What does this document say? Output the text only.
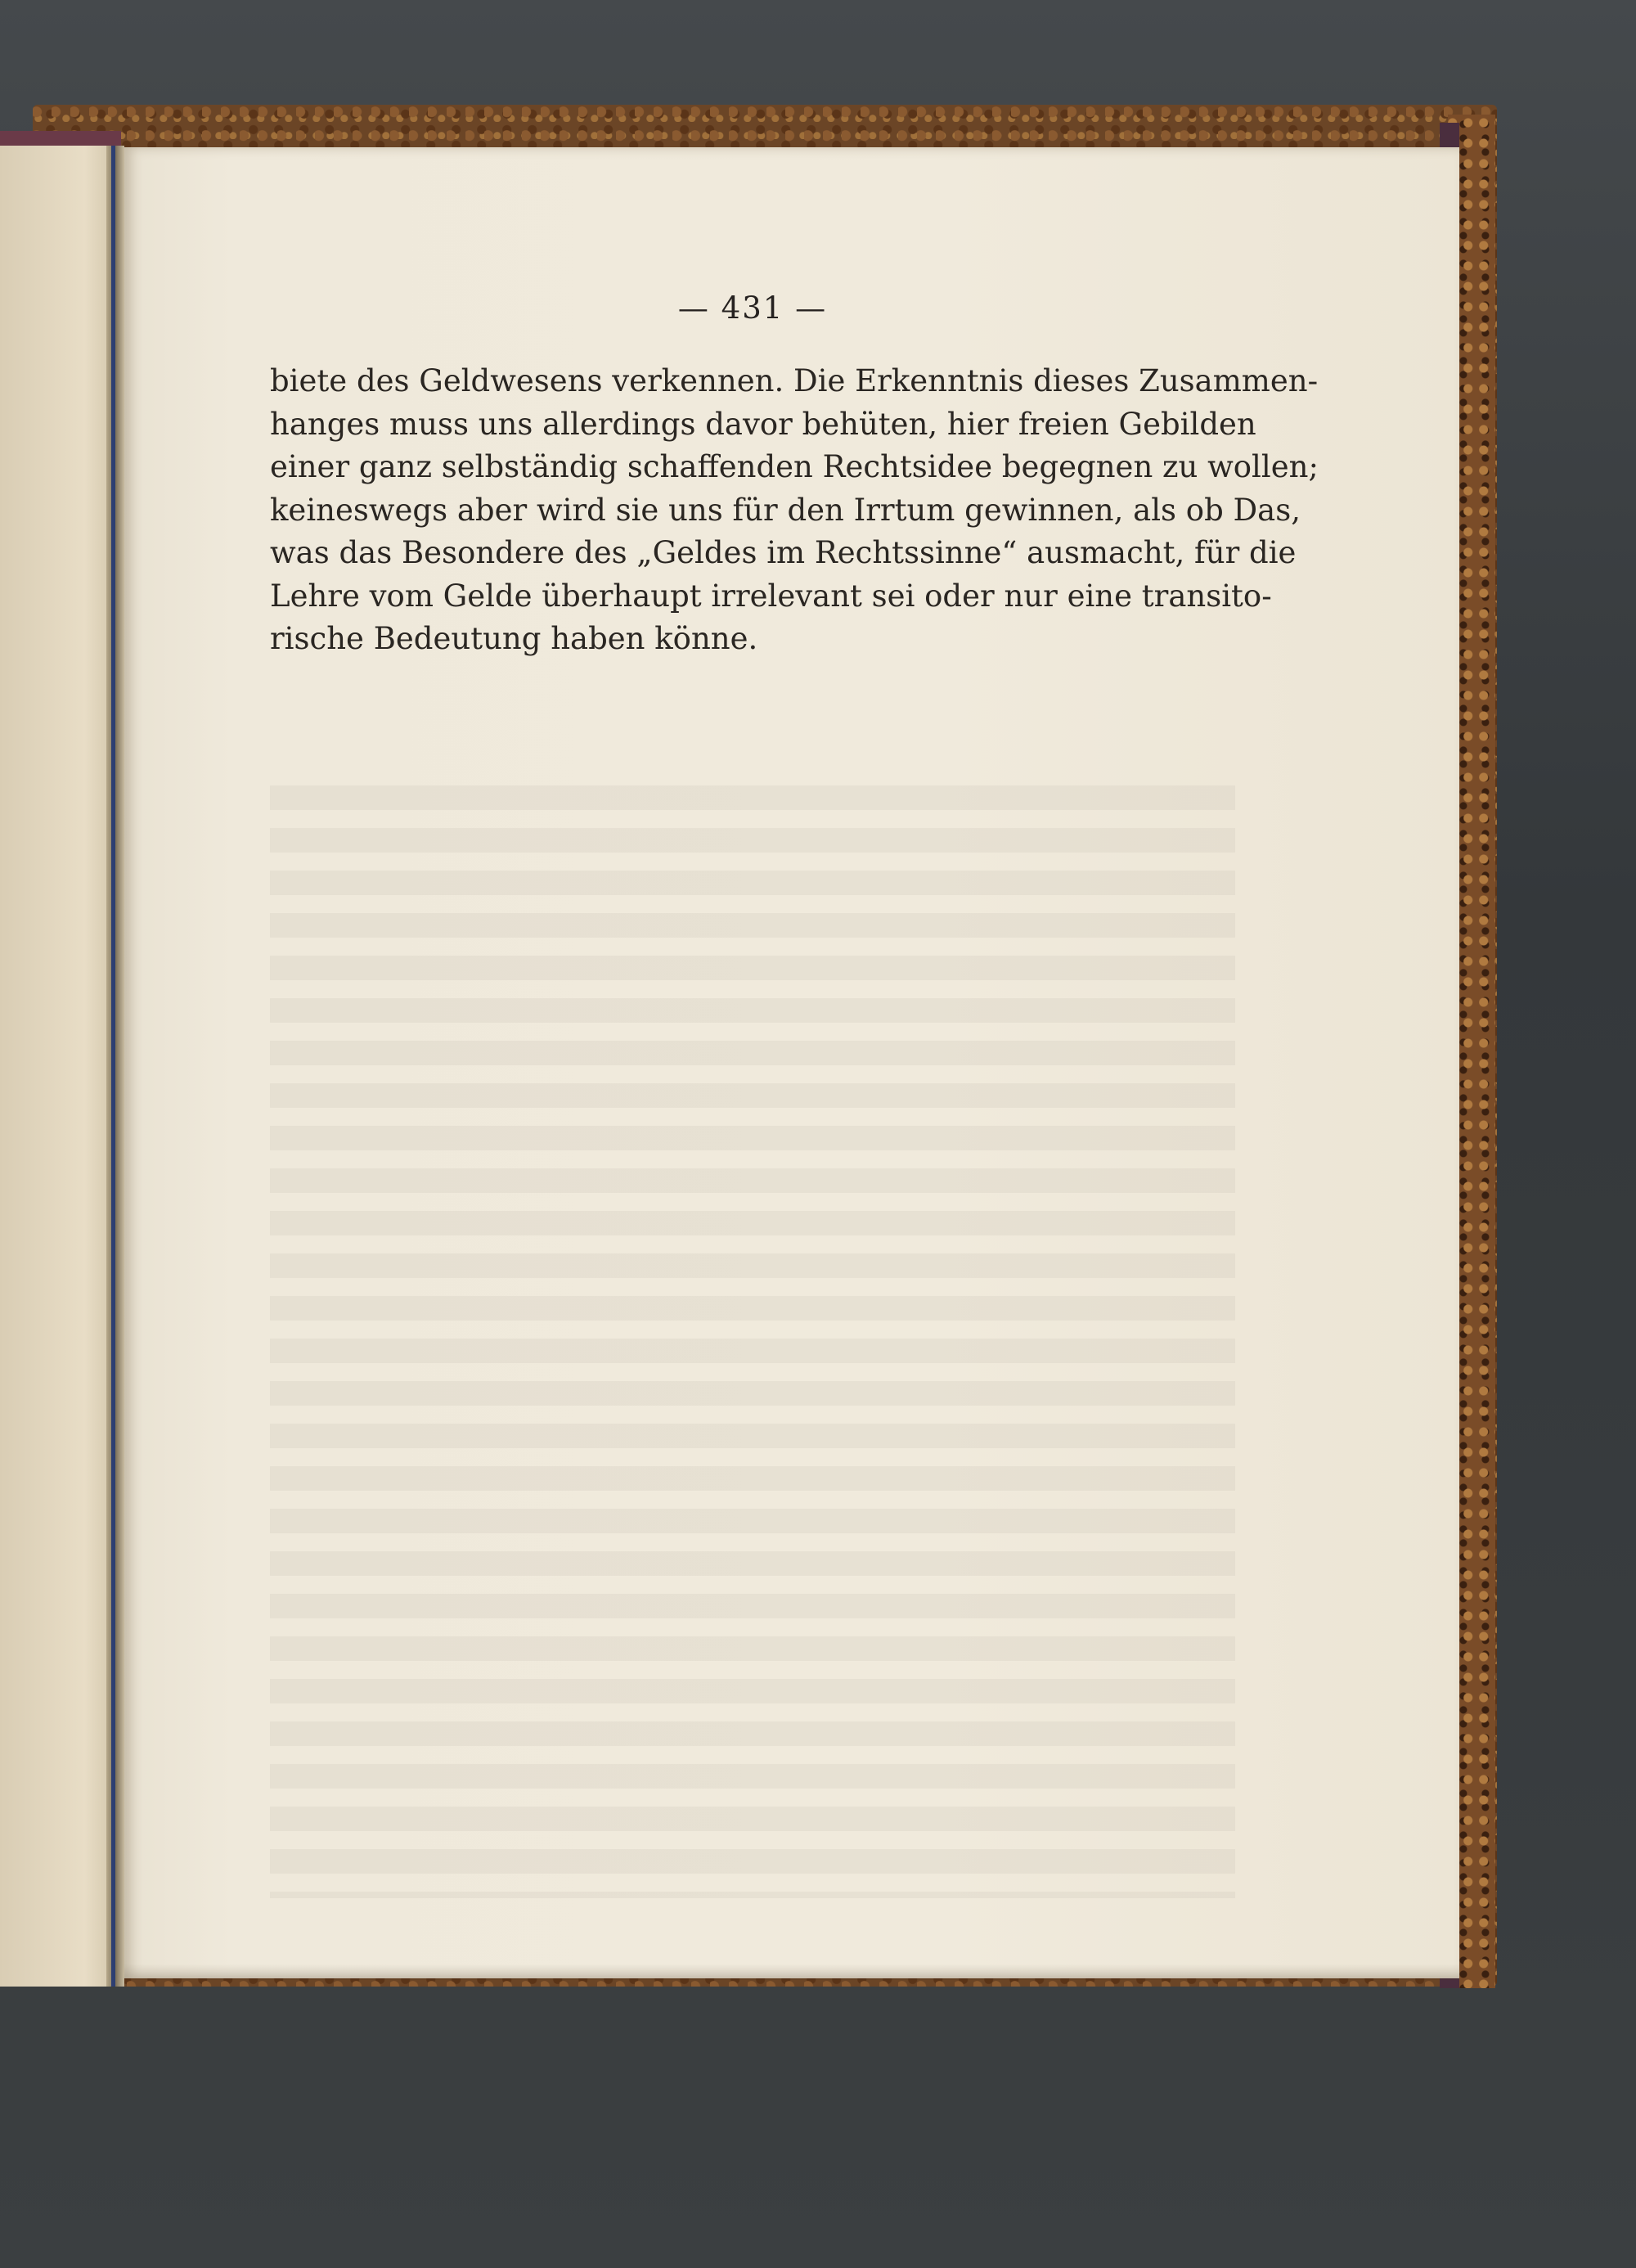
— 431 —
biete des Geldwesens verkennen. Die Erkenntnis dieses Zusammen-
hanges muss uns allerdings davor behüten, hier freien Gebilden
einer ganz selbständig schaffenden Rechtsidee begegnen zu wollen;
keineswegs aber wird sie uns für den Irrtum gewinnen, als ob Das,
was das Besondere des „Geldes im Rechtssinne“ ausmacht, für die
Lehre vom Gelde überhaupt irrelevant sei oder nur eine transito-
rische Bedeutung haben könne.
